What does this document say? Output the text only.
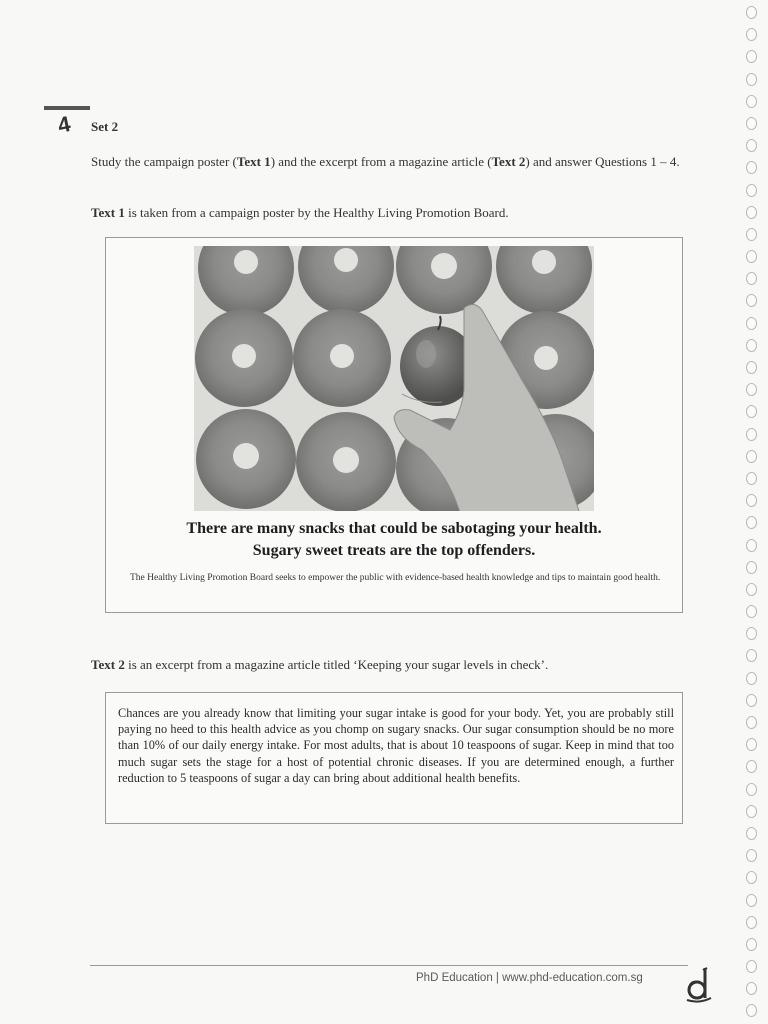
4 Set 2
Study the campaign poster (Text 1) and the excerpt from a magazine article (Text 2) and answer Questions 1 – 4.
Text 1 is taken from a campaign poster by the Healthy Living Promotion Board.
There are many snacks that could be sabotaging your health.
Sugary sweet treats are the top offenders.
The Healthy Living Promotion Board seeks to empower the public with evidence-based health knowledge and tips to maintain good health.
Text 2 is an excerpt from a magazine article titled ‘Keeping your sugar levels in check’.
Chances are you already know that limiting your sugar intake is good for your body. Yet, you are probably still paying no heed to this health advice as you chomp on sugary snacks. Our sugar consumption should be no more than 10% of our daily energy intake. For most adults, that is about 10 teaspoons of sugar. Keep in mind that too much sugar sets the stage for a host of potential chronic diseases. If you are determined enough, a further reduction to 5 teaspoons of sugar a day can bring about additional health benefits.
PhD Education | www.phd-education.com.sg
